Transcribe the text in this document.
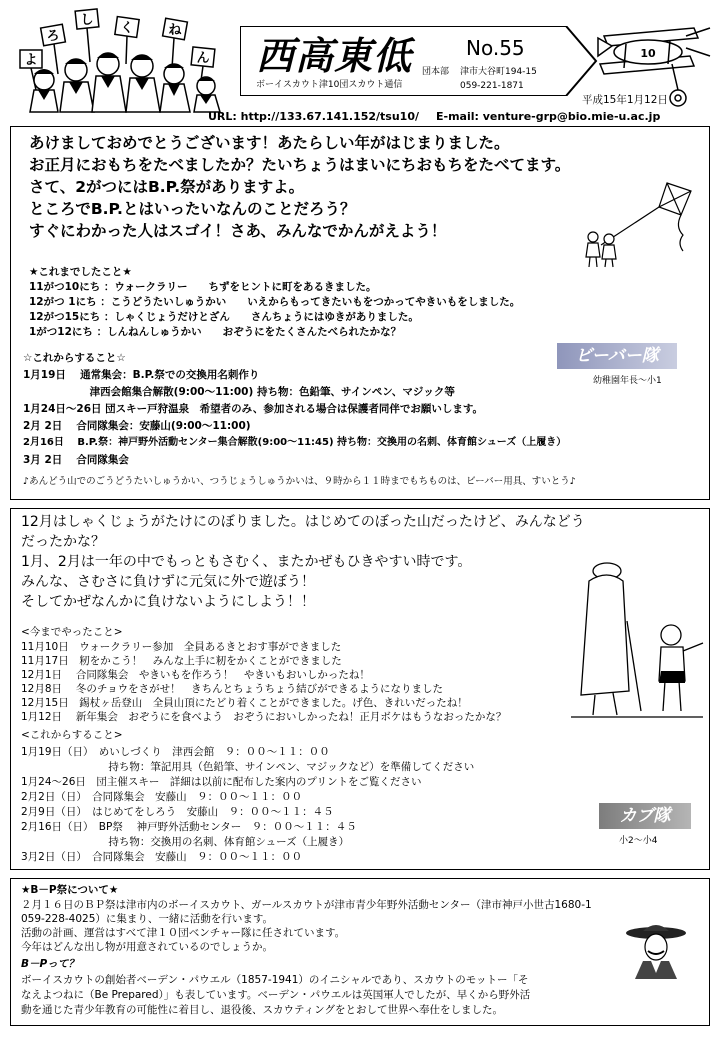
よ
ろ
し
く	ね
ん 西高東低	No.55
ボーイスカウト津10団スカウト通信
団本部 津市大谷町194-15
059-221-1871
10
平成15年1月12日
URL: http://133.67.141.152/tsu10/ E-mail: venture-grp@bio.mie-u.ac.jp
あけましておめでとうございます！あたらしい年がはじまりました。
お正月におもちをたべましたか？たいちょうはまいにちおもちをたべてます。
さて、2がつにはB.P.祭がありますよ。
ところでB.P.とはいったいなんのことだろう？
すぐにわかった人はスゴイ！さあ、みんなでかんがえよう！
★これまでしたこと★
11がつ10にち ：ウォークラリー　　ちずをヒントに町をあるきました。
12がつ 1にち ：こうどうたいしゅうかい　　いえからもってきたいもをつかってやきいもをしました。
12がつ15にち ：しゃくじょうだけとざん　　さんちょうにはゆきがありました。
1がつ12にち ：しんねんしゅうかい　　おぞうにをたくさんたべられたかな？
☆これからすること☆
1月19日　 通常集会：B.P.祭での交換用名刺作り
　　　　　　 津西会館集合解散(9:00～11:00) 持ち物：色鉛筆、サインペン、マジック等
1月24日～26日 団スキー戸狩温泉　希望者のみ、参加される場合は保護者同伴でお願いします。
2月 2日　 合同隊集会：安藤山(9:00～11:00)
2月16日　 B.P.祭：神戸野外活動センター集合解散(9:00～11:45) 持ち物：交換用の名刺、体育館シューズ（上履き）
3月 2日　 合同隊集会
ビーバー隊
幼稚園年長～小1
♪あんどう山でのごうどうたいしゅうかい、つうじょうしゅうかいは、９時から１１時までもちものは、ビーバー用具、すいとう♪
12月はしゃくじょうがたけにのぼりました。はじめてのぼった山だったけど、みんなどう
だったかな？
1月、2月は一年の中でもっともさむく、またかぜもひきやすい時です。
みんな、さむさに負けずに元気に外で遊ぼう！
そしてかぜなんかに負けないようにしよう！！
<今までやったこと>
11月10日　ウォークラリー参加　全員あるきとおす事ができました
11月17日　籾をかこう！　みんな上手に籾をかくことができました
12月1日　 合同隊集会　やきいもを作ろう！　やきいもおいしかったね！
12月8日　 冬のチョウをさがせ！　きちんとちょうちょう結びができるようになりました
12月15日　錫杖ヶ岳登山　全員山頂にたどり着くことができました。げ色、きれいだったね！
1月12日　 新年集会　おぞうにを食べよう　おぞうにおいしかったね！正月ボケはもうなおったかな？
<これからすること>
1月19日（日）　めいしづくり　津西会館　９：００～１１：００
　　　　　　　　 持ち物：筆記用具（色鉛筆、サインペン、マジックなど）を準備してください
1月24～26日　団主催スキー　詳細は以前に配布した案内のプリントをご覧ください
2月2日（日）　合同隊集会　安藤山　９：００～１１：００
2月9日（日）　はじめてをしろう　安藤山　９：００～１１：４５
2月16日（日）　BP祭　 神戸野外活動センター　９：００～１１：４５
　　　　　　　　 持ち物：交換用の名刺、体育館シューズ（上履き）
3月2日（日）　合同隊集会　安藤山　９：００～１１：００
カブ隊
小2～小4
★B－P祭について★
２月１６日のＢＰ祭は津市内のボーイスカウト、ガールスカウトが津市青少年野外活動センター（津市神戸小世古1680-1
059-228-4025）に集まり、一緒に活動を行います。
活動の計画、運営はすべて津１０団ベンチャー隊に任されています。
今年はどんな出し物が用意されているのでしょうか。
B－Pって？
ボーイスカウトの創始者ベーデン・パウエル（1857-1941）のイニシャルであり、スカウトのモットー「そ
なえよつねに（Be Prepared）」も表しています。ベーデン・パウエルは英国軍人でしたが、早くから野外活
動を通じた青少年教育の可能性に着目し、退役後、スカウティングをとおして世界へ奉仕をしました。
